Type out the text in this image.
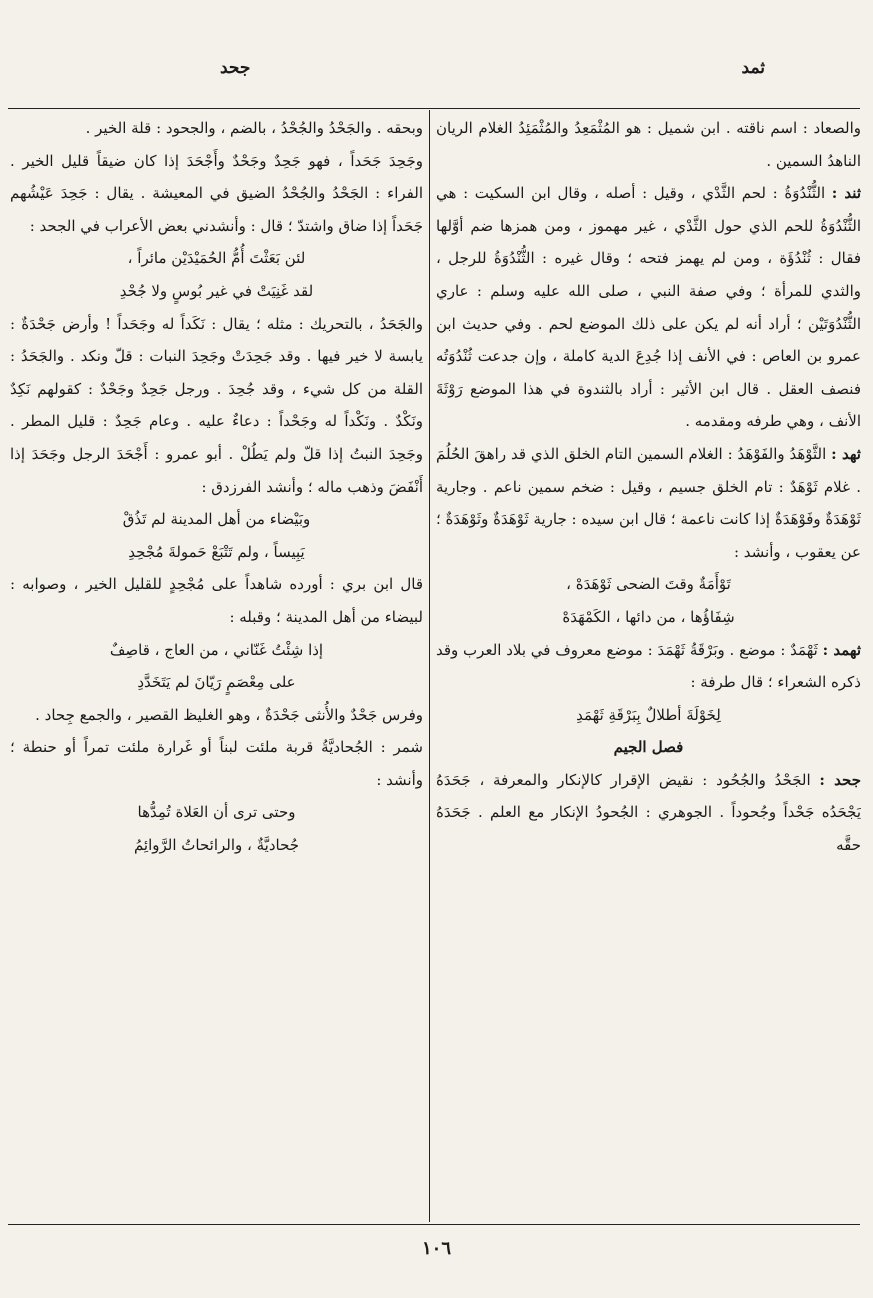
ثمد
جحد

والصعاد : اسم ناقته . ابن شميل : هو المُثْمَعِدُ والمُثْمَئِدُ الغلام الريان الناهدُ السمين .

ثند : الثُّنْدُوَةُ : لحم الثَّدْي ، وقيل : أصله ، وقال ابن السكيت : هي الثُّنْدُوَةُ للحم الذي حول الثَّدْي ، غير مهموز ، ومن همزها ضم أوَّلها فقال : ثُنْدُؤَة ، ومن لم يهمز فتحه ؛ وقال غيره : الثُّنْدُوَةُ للرجل ، والثدي للمرأة ؛ وفي صفة النبي ، صلى الله عليه وسلم : عاري الثُّنْدُوَتَيْن ؛ أراد أنه لم يكن على ذلك الموضع لحم . وفي حديث ابن عمرو بن العاص : في الأنف إذا جُدِعَ الدية كاملة ، وإن جدعت ثُنْدُوَتُه فنصف العقل . قال ابن الأثير : أراد بالثندوة في هذا الموضع رَوْثَةَ الأنف ، وهي طرفه ومقدمه .

ثهد : الثَّوْهَدُ والفَوْهَدُ : الغلام السمين التام الخلق الذي قد راهقَ الحُلُمَ . غلام ثَوْهَدٌ : تام الخلق جسيم ، وقيل : ضخم سمين ناعم . وجارية ثَوْهَدَةٌ وفَوْهَدَةٌ إذا كانت ناعمة ؛ قال ابن سيده : جارية ثَوْهَدَةٌ وثَوْهَدَةٌ ؛ عن يعقوب ، وأنشد :

تَوْأَمَةٌ وقتَ الضحى ثَوْهَدَهْ ،

شِفَاؤُها ، من دائها ، الكَمْهَدَهْ

ثهمد : ثَهْمَدٌ : موضع . وبَرْقَةُ ثَهْمَدَ : موضع معروف في بلاد العرب وقد ذكره الشعراء ؛ قال طرفة :

لِخَوْلَةَ أطلالٌ بِبَرْقَةِ ثَهْمَدِ

فصل الجيم

جحد : الجَحْدُ والجُحُود : نقيض الإقرار كالإنكار والمعرفة ، جَحَدَهُ يَجْحَدُه جَحْداً وجُحوداً . الجوهري : الجُحودُ الإنكار مع العلم . جَحَدَهُ حقَّه

وبحقه . والجَحْدُ والجُحْدُ ، بالضم ، والجحود : قلة الخير .

وجَحِدَ جَحَداً ، فهو جَحِدٌ وجَحْدٌ وأَجْحَدَ إذا كان ضيقاً قليل الخير . الفراء : الجَحْدُ والجُحْدُ الضيق في المعيشة . يقال : جَحِدَ عَيْشُهم جَحَداً إذا ضاق واشتدّ ؛ قال : وأنشدني بعض الأعراب في الجحد :

لئن بَعَثْتَ أُمُّ الحُمَيْدَيْن مائراً ،

لقد غَنِيَتْ في غير بُوسٍ ولا جُحْدِ

والجَحَدُ ، بالتحريك : مثله ؛ يقال : نَكَداً له وجَحَداً ! وأرض جَحْدَةٌ : يابسة لا خير فيها . وقد جَحِدَتْ وجَحِدَ النبات : قلّ ونكد . والجَحَدُ : القلة من كل شيء ، وقد جُحِدَ . ورجل جَحِدٌ وجَحْدٌ : كقولهم نَكِدٌ ونَكْدٌ . ونَكْداً له وجَحْداً : دعاءٌ عليه . وعام جَحِدٌ : قليل المطر . وجَحِدَ النبتُ إذا قلّ ولم يَطُلْ . أبو عمرو : أَجْحَدَ الرجل وجَحَدَ إذا أَنْفَضَ وذهب ماله ؛ وأنشد الفرزدق :

وبَيْضاء من أهل المدينة لم تَذُقْ

يَبِيساً ، ولم تَتْبَعْ حَمولةَ مُجْحِدِ

قال ابن بري : أورده شاهداً على مُجْحِدٍ للقليل الخير ، وصوابه : لبيضاء من أهل المدينة ؛ وقبله :

إذا شِئْتُ غَنّاني ، من العاج ، قاصِفٌ

على مِعْصَمٍ رَيّانَ لم يَتَخَدَّدِ

وفرس جَحْدٌ والأُنثى جَحْدَةٌ ، وهو الغليظ القصير ، والجمع جِحاد .

شمر : الجُحاديَّةُ قربة ملئت لبناً أو غَرارة ملئت تمراً أو حنطة ؛ وأنشد :

وحتى ترى أن العَلاة تُمِدُّها

جُحاديَّةٌ ، والرائحاتُ الرَّوائِمُ

١٠٦
